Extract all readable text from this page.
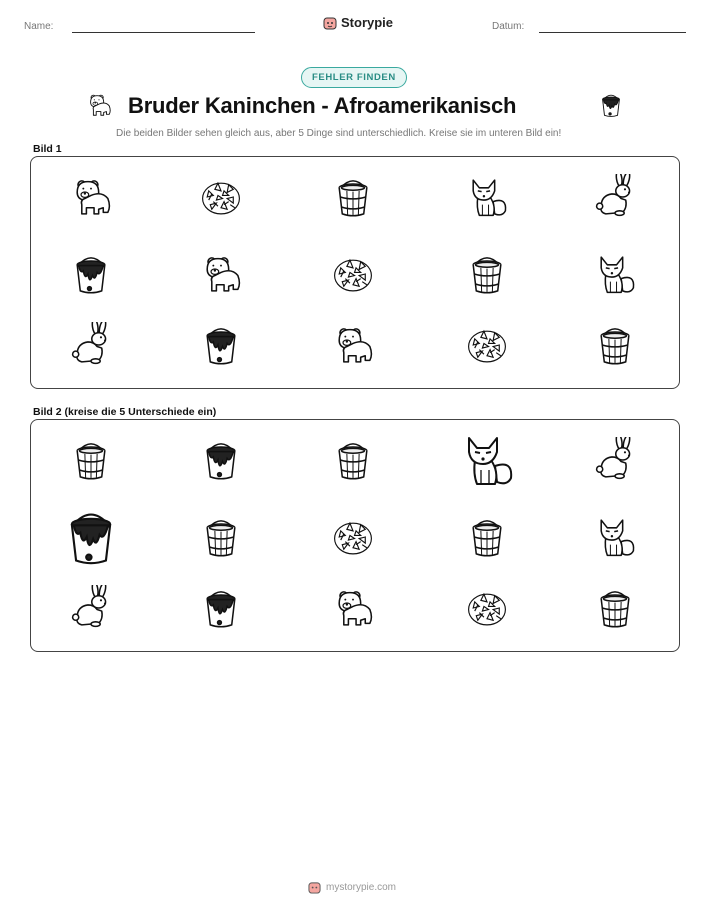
Name:	Storypie	Datum:
FEHLER FINDEN
Bruder Kaninchen - Afroamerikanisch
Die beiden Bilder sehen gleich aus, aber 5 Dinge sind unterschiedlich. Kreise sie im unteren Bild ein!
Bild 1
Bild 2 (kreise die 5 Unterschiede ein)
mystorypie.com
